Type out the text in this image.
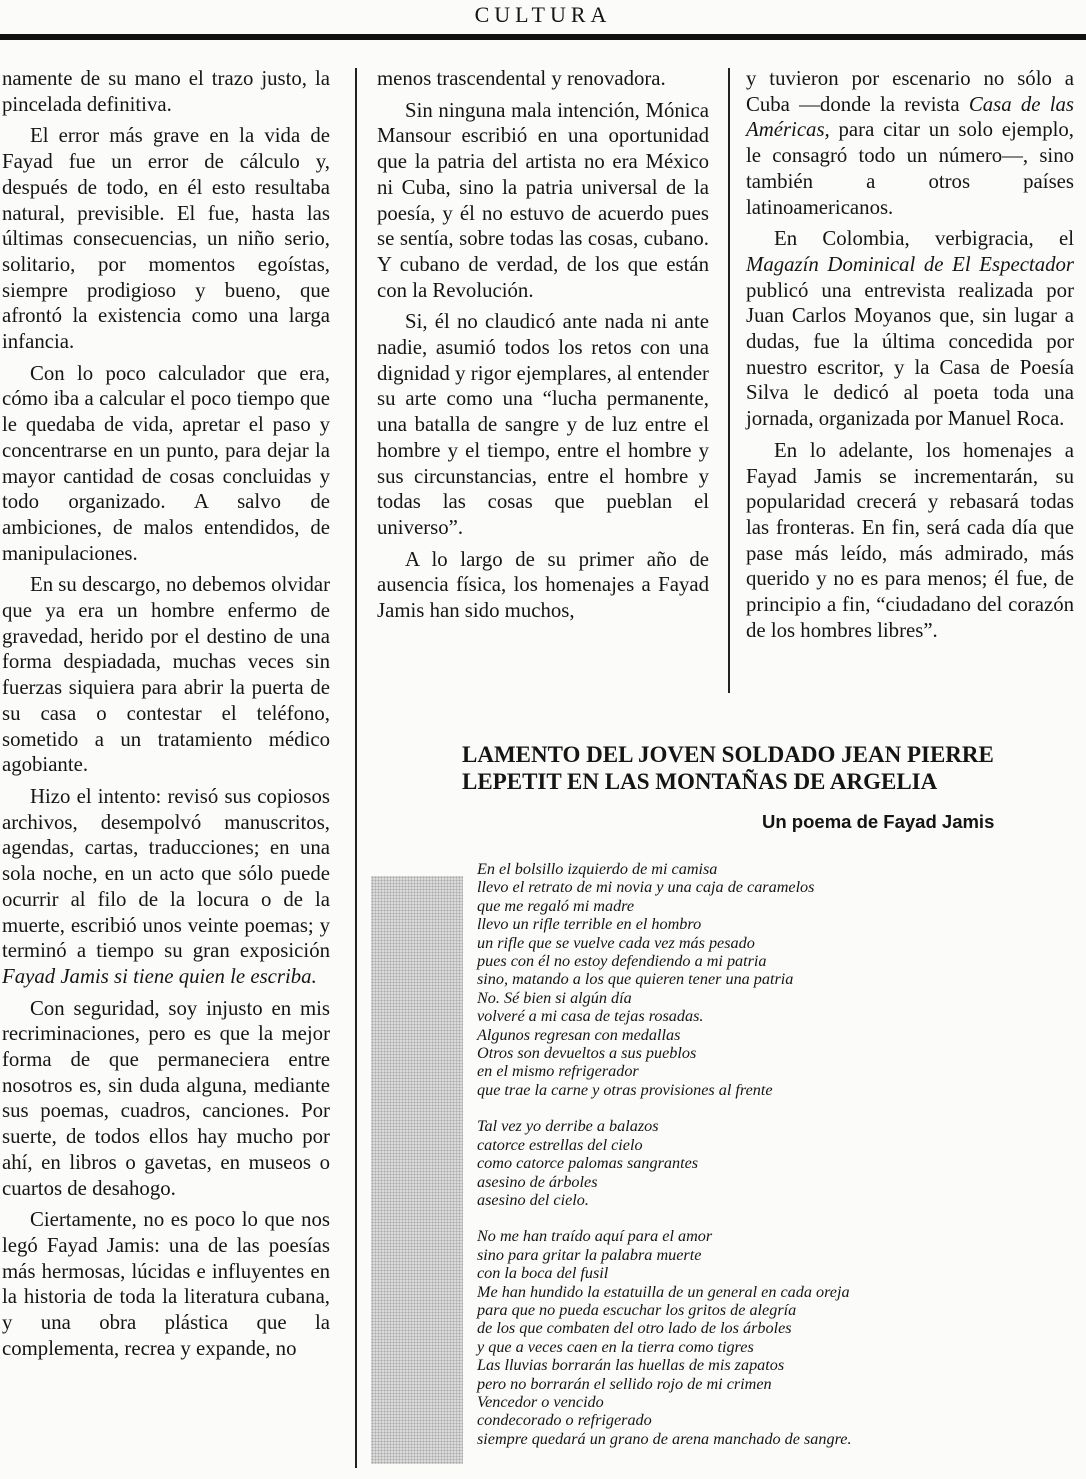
CULTURA

namente de su mano el trazo justo, la pincelada definitiva.

El error más grave en la vida de Fayad fue un error de cálculo y, después de todo, en él esto resultaba natural, previsible. El fue, hasta las últimas consecuencias, un niño serio, solitario, por momentos egoístas, siempre prodigioso y bueno, que afrontó la existencia como una larga infancia.

Con lo poco calculador que era, cómo iba a calcular el poco tiempo que le quedaba de vida, apretar el paso y concentrarse en un punto, para dejar la mayor cantidad de cosas concluidas y todo organizado. A salvo de ambiciones, de malos entendidos, de manipulaciones.

En su descargo, no debemos olvidar que ya era un hombre enfermo de gravedad, herido por el destino de una forma despiadada, muchas veces sin fuerzas siquiera para abrir la puerta de su casa o contestar el teléfono, sometido a un tratamiento médico agobiante.

Hizo el intento: revisó sus copiosos archivos, desempolvó manuscritos, agendas, cartas, traducciones; en una sola noche, en un acto que sólo puede ocurrir al filo de la locura o de la muerte, escribió unos veinte poemas; y terminó a tiempo su gran exposición Fayad Jamis si tiene quien le escriba.

Con seguridad, soy injusto en mis recriminaciones, pero es que la mejor forma de que permaneciera entre nosotros es, sin duda alguna, mediante sus poemas, cuadros, canciones. Por suerte, de todos ellos hay mucho por ahí, en libros o gavetas, en museos o cuartos de desahogo.

Ciertamente, no es poco lo que nos legó Fayad Jamis: una de las poesías más hermosas, lúcidas e influyentes en la historia de toda la literatura cubana, y una obra plástica que la complementa, recrea y expande, no

menos trascendental y renovadora.

Sin ninguna mala intención, Mónica Mansour escribió en una oportunidad que la patria del artista no era México ni Cuba, sino la patria universal de la poesía, y él no estuvo de acuerdo pues se sentía, sobre todas las cosas, cubano. Y cubano de verdad, de los que están con la Revolución.

Si, él no claudicó ante nada ni ante nadie, asumió todos los retos con una dignidad y rigor ejemplares, al entender su arte como una “lucha permanente, una batalla de sangre y de luz entre el hombre y el tiempo, entre el hombre y sus circunstancias, entre el hombre y todas las cosas que pueblan el universo”.

A lo largo de su primer año de ausencia física, los homenajes a Fayad Jamis han sido muchos,

y tuvieron por escenario no sólo a Cuba —donde la revista Casa de las Américas, para citar un solo ejemplo, le consagró todo un número—, sino también a otros países latinoamericanos.

En Colombia, verbigracia, el Magazín Dominical de El Espectador publicó una entrevista realizada por Juan Carlos Moyanos que, sin lugar a dudas, fue la última concedida por nuestro escritor, y la Casa de Poesía Silva le dedicó al poeta toda una jornada, organizada por Manuel Roca.

En lo adelante, los homenajes a Fayad Jamis se incrementarán, su popularidad crecerá y rebasará todas las fronteras. En fin, será cada día que pase más leído, más admirado, más querido y no es para menos; él fue, de principio a fin, “ciudadano del corazón de los hombres libres”.

LAMENTO DEL JOVEN SOLDADO JEAN PIERRE
LEPETIT EN LAS MONTAÑAS DE ARGELIA
Un poema de Fayad Jamis
En el bolsillo izquierdo de mi camisa
llevo el retrato de mi novia y una caja de caramelos
que me regaló mi madre
llevo un rifle terrible en el hombro
un rifle que se vuelve cada vez más pesado
pues con él no estoy defendiendo a mi patria
sino, matando a los que quieren tener una patria
No. Sé bien si algún día
volveré a mi casa de tejas rosadas.
Algunos regresan con medallas
Otros son devueltos a sus pueblos
en el mismo refrigerador
que trae la carne y otras provisiones al frente
Tal vez yo derribe a balazos
catorce estrellas del cielo
como catorce palomas sangrantes
asesino de árboles
asesino del cielo.
No me han traído aquí para el amor
sino para gritar la palabra muerte
con la boca del fusil
Me han hundido la estatuilla de un general en cada oreja
para que no pueda escuchar los gritos de alegría
de los que combaten del otro lado de los árboles
y que a veces caen en la tierra como tigres
Las lluvias borrarán las huellas de mis zapatos
pero no borrarán el sellido rojo de mi crimen
Vencedor o vencido
condecorado o refrigerado
siempre quedará un grano de arena manchado de sangre.
